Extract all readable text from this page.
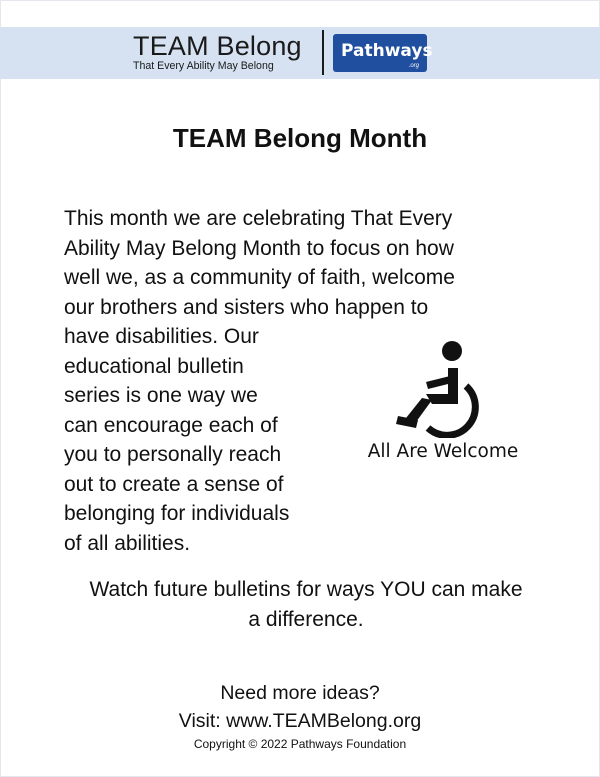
TEAM Belong
That Every Ability May Belong
Pathways
.org ®
TEAM Belong Month
This month we are celebrating That Every
Ability May Belong Month to focus on how
well we, as a community of faith, welcome
our brothers and sisters who happen to
have disabilities. Our
educational bulletin
series is one way we
can encourage each of
you to personally reach
out to create a sense of
belonging for individuals
of all abilities.
All Are Welcome
Watch future bulletins for ways YOU can make
a difference.
Need more ideas?
Visit: www.TEAMBelong.org
Copyright © 2022 Pathways Foundation
